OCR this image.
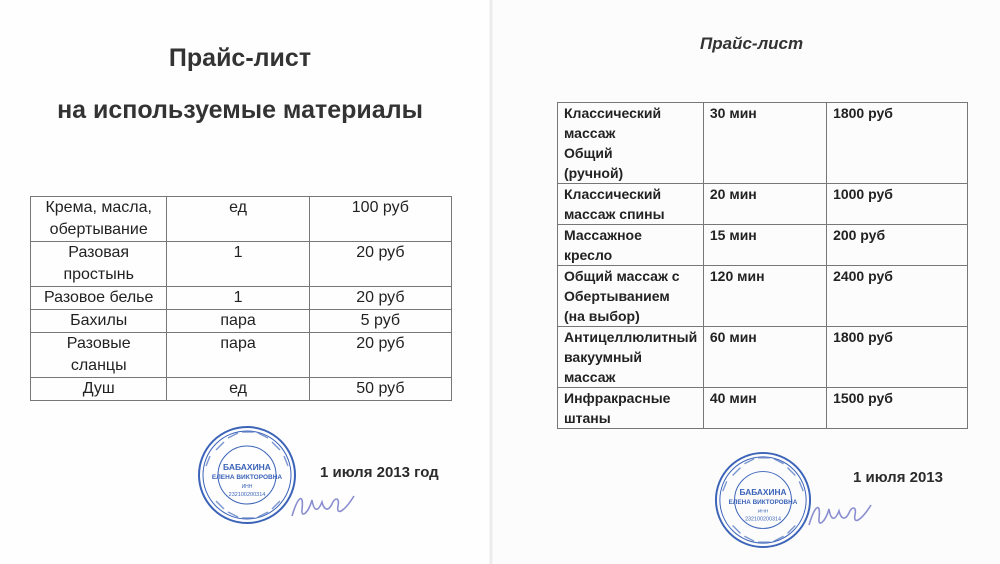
Прайс-лист
на используемые материалы
Крема, масла,
обертывание	ед	100 руб

Разовая
простынь	1	20 руб

Разовое белье	1	20 руб

Бахилы	пара	5 руб

Разовые
сланцы	пара	20 руб

Душ	ед	50 руб
БАБАХИНА
ЕЛЕНА ВИКТОРОВНА
ИНН
232100200314
1 июля 2013 год
Прайс-лист
Классический
массаж
Общий
(ручной)	30 мин	1800 руб

Классический
массаж спины	20 мин	1000 руб

Массажное
кресло	15 мин	200 руб

Общий массаж с
Обертыванием
(на выбор)	120 мин	2400 руб

Антицеллюлитный
вакуумный
массаж	60 мин	1800 руб

Инфракрасные
штаны	40 мин	1500 руб
БАБАХИНА
ЕЛЕНА ВИКТОРОВНА
ИНН
232100200314
1 июля 2013
